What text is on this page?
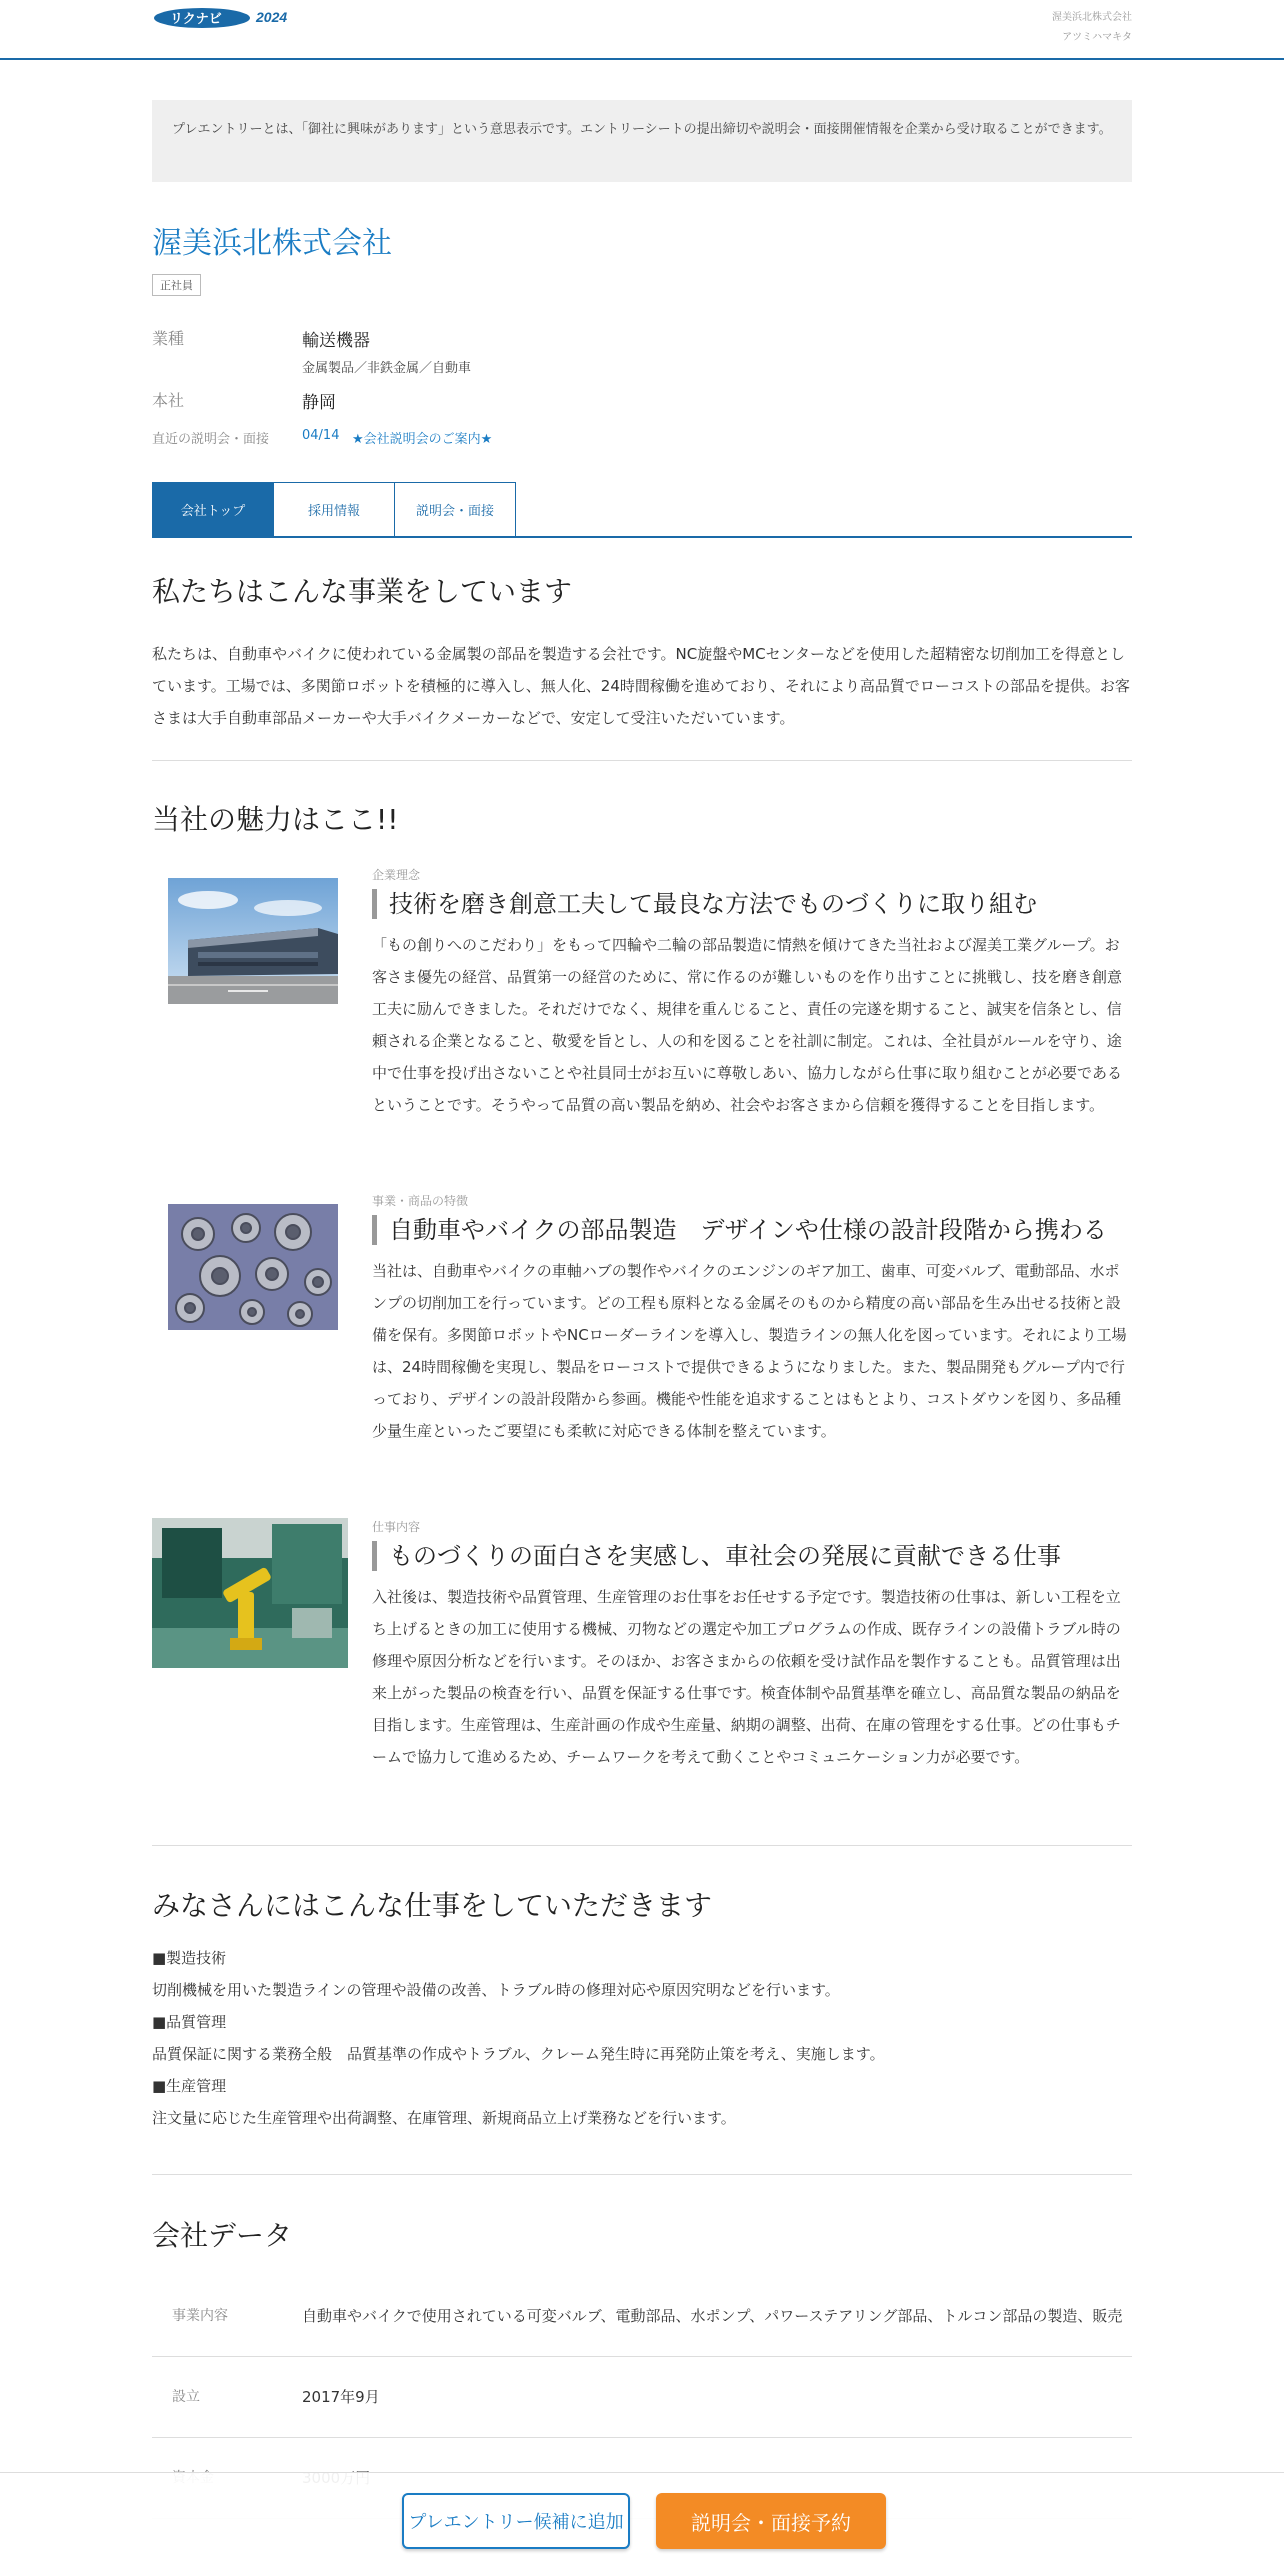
リクナビ 2024	渥美浜北株式会社
アツミハマキタ
プレエントリーとは、「御社に興味があります」という意思表示です。エントリーシートの提出締切や説明会・面接開催情報を企業から受け取ることができます。
渥美浜北株式会社
正社員
業種	輸送機器
金属製品／非鉄金属／自動車
本社	静岡
直近の説明会・面接	04/14 ★会社説明会のご案内★
会社トップ	採用情報	説明会・面接
私たちはこんな事業をしています

私たちは、自動車やバイクに使われている金属製の部品を製造する会社です。NC旋盤やMCセンターなどを使用した超精密な切削加工を得意としています。工場では、多関節ロボットを積極的に導入し、無人化、24時間稼働を進めており、それにより高品質でローコストの部品を提供。お客さまは大手自動車部品メーカーや大手バイクメーカーなどで、安定して受注いただいています。

当社の魅力はここ!!
企業理念
技術を磨き創意工夫して最良な方法でものづくりに取り組む
「もの創りへのこだわり」をもって四輪や二輪の部品製造に情熱を傾けてきた当社および渥美工業グループ。お客さま優先の経営、品質第一の経営のために、常に作るのが難しいものを作り出すことに挑戦し、技を磨き創意工夫に励んできました。それだけでなく、規律を重んじること、責任の完遂を期すること、誠実を信条とし、信頼される企業となること、敬愛を旨とし、人の和を図ることを社訓に制定。これは、全社員がルールを守り、途中で仕事を投げ出さないことや社員同士がお互いに尊敬しあい、協力しながら仕事に取り組むことが必要であるということです。そうやって品質の高い製品を納め、社会やお客さまから信頼を獲得することを目指します。
事業・商品の特徴
自動車やバイクの部品製造　デザインや仕様の設計段階から携わる
当社は、自動車やバイクの車軸ハブの製作やバイクのエンジンのギア加工、歯車、可変バルブ、電動部品、水ポンプの切削加工を行っています。どの工程も原料となる金属そのものから精度の高い部品を生み出せる技術と設備を保有。多関節ロボットやNCローダーラインを導入し、製造ラインの無人化を図っています。それにより工場は、24時間稼働を実現し、製品をローコストで提供できるようになりました。また、製品開発もグループ内で行っており、デザインの設計段階から参画。機能や性能を追求することはもとより、コストダウンを図り、多品種少量生産といったご要望にも柔軟に対応できる体制を整えています。
仕事内容
ものづくりの面白さを実感し、車社会の発展に貢献できる仕事
入社後は、製造技術や品質管理、生産管理のお仕事をお任せする予定です。製造技術の仕事は、新しい工程を立ち上げるときの加工に使用する機械、刃物などの選定や加工プログラムの作成、既存ラインの設備トラブル時の修理や原因分析などを行います。そのほか、お客さまからの依頼を受け試作品を製作することも。品質管理は出来上がった製品の検査を行い、品質を保証する仕事です。検査体制や品質基準を確立し、高品質な製品の納品を目指します。生産管理は、生産計画の作成や生産量、納期の調整、出荷、在庫の管理をする仕事。どの仕事もチームで協力して進めるため、チームワークを考えて動くことやコミュニケーション力が必要です。
みなさんにはこんな仕事をしていただきます
■製造技術
切削機械を用いた製造ラインの管理や設備の改善、トラブル時の修理対応や原因究明などを行います。
■品質管理
品質保証に関する業務全般　品質基準の作成やトラブル、クレーム発生時に再発防止策を考え、実施します。
■生産管理
注文量に応じた生産管理や出荷調整、在庫管理、新規商品立上げ業務などを行います。
会社データ
事業内容	自動車やバイクで使用されている可変バルブ、電動部品、水ポンプ、パワーステアリング部品、トルコン部品の製造、販売
設立	2017年9月
プレエントリー候補に追加	説明会・面接予約
